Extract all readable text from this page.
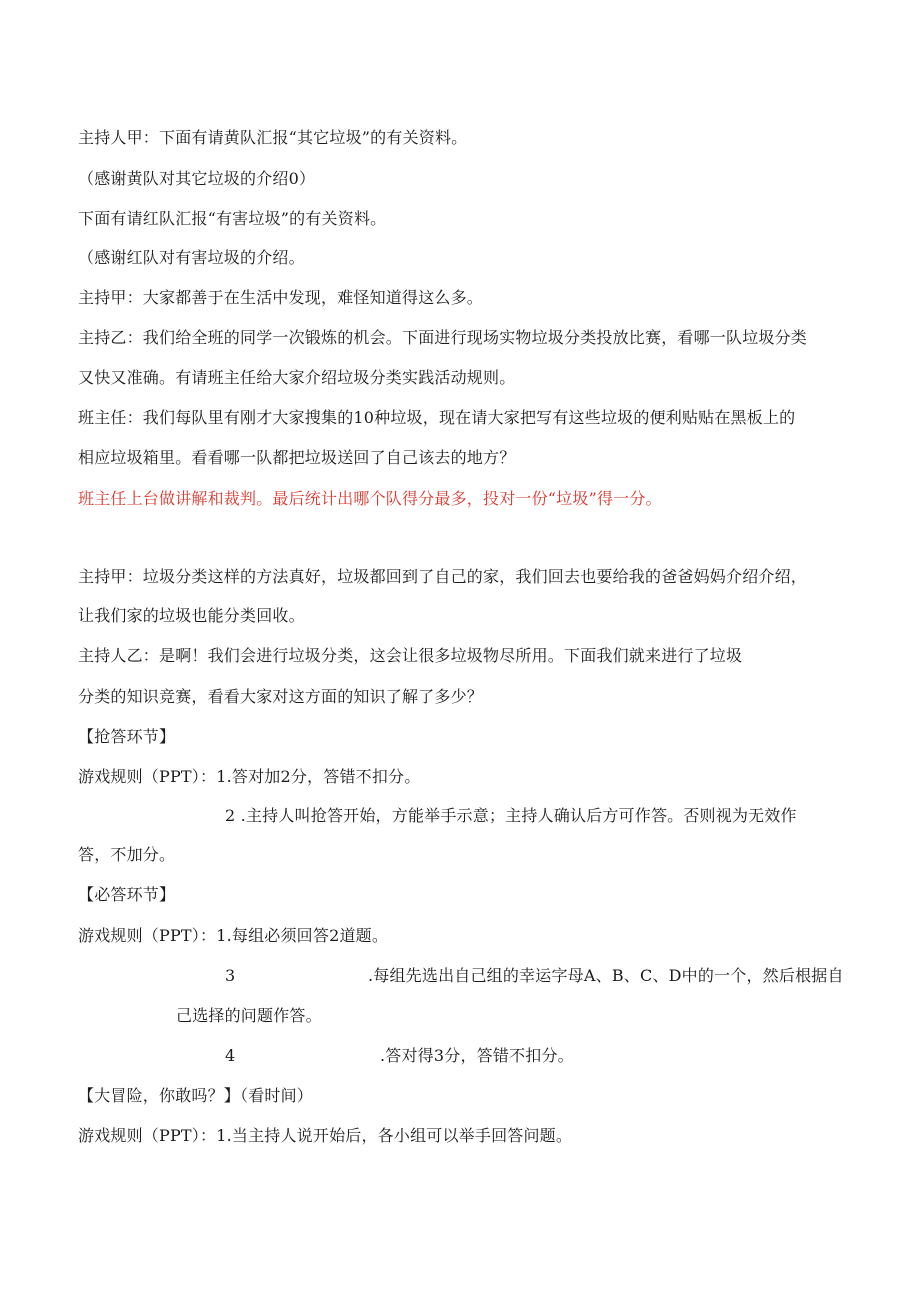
主持人甲：下面有请黄队汇报“其它垃圾”的有关资料。
（感谢黄队对其它垃圾的介绍0）
下面有请红队汇报“有害垃圾”的有关资料。
（感谢红队对有害垃圾的介绍。
主持甲：大家都善于在生活中发现，难怪知道得这么多。
主持乙：我们给全班的同学一次锻炼的机会。下面进行现场实物垃圾分类投放比赛，看哪一队垃圾分类
又快又准确。有请班主任给大家介绍垃圾分类实践活动规则。
班主任：我们每队里有刚才大家搜集的10种垃圾，现在请大家把写有这些垃圾的便利贴贴在黑板上的
相应垃圾箱里。看看哪一队都把垃圾送回了自己该去的地方？
班主任上台做讲解和裁判。最后统计出哪个队得分最多，投对一份“垃圾”得一分。
主持甲：垃圾分类这样的方法真好，垃圾都回到了自己的家，我们回去也要给我的爸爸妈妈介绍介绍，
让我们家的垃圾也能分类回收。
主持人乙：是啊！我们会进行垃圾分类，这会让很多垃圾物尽所用。下面我们就来进行了垃圾
分类的知识竞赛，看看大家对这方面的知识了解了多少？
【抢答环节】
游戏规则（PPT）：1.答对加2分，答错不扣分。
2 .主持人叫抢答开始，方能举手示意；主持人确认后方可作答。否则视为无效作
答，不加分。
【必答环节】
游戏规则（PPT）：1.每组必须回答2道题。
3	.每组先选出自己组的幸运字母A、B、C、D中的一个，然后根据自
己选择的问题作答。
4	.答对得3分，答错不扣分。
【大冒险，你敢吗？】（看时间）
游戏规则（PPT）：1.当主持人说开始后，各小组可以举手回答问题。
